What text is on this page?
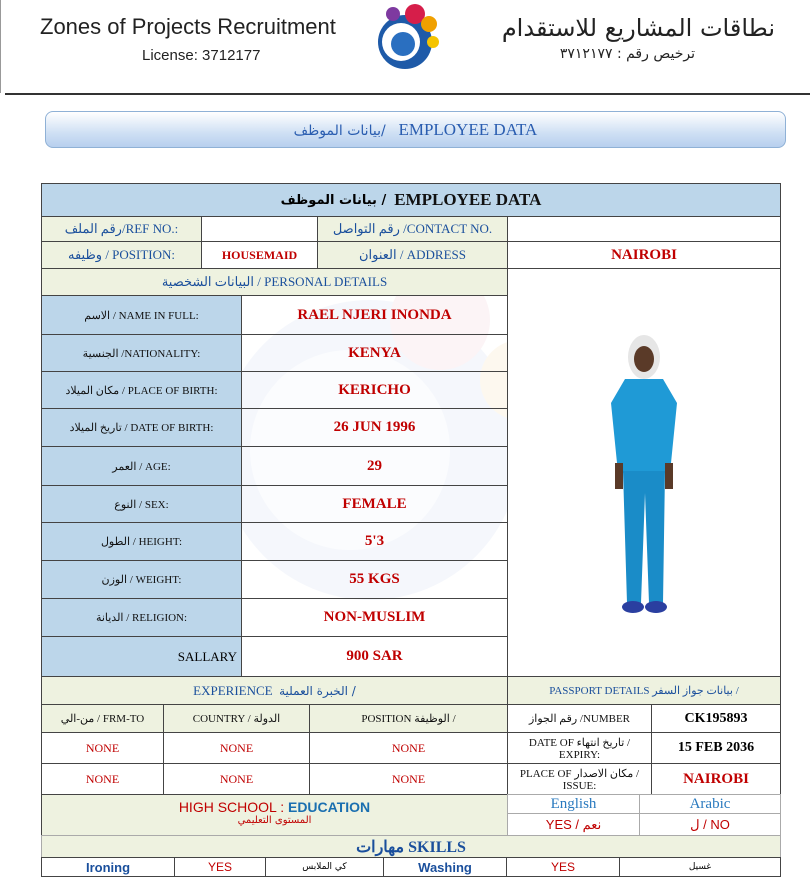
Zones of Projects Recruitment
License: 3712177
نطاقات المشاريع للاستقدام
ترخيص رقم : ٣٧١٢١٧٧
بيانات الموظف/ EMPLOYEE DATA
بيانات الموظف /
EMPLOYEE DATA
رقم الملف/REF NO.:	رقم التواصل /CONTACT NO.
وظيفه / POSITION:	HOUSEMAID	العنوان / ADDRESS	NAIROBI
البيانات الشخصية / PERSONAL DETAILS
الاسم / NAME IN FULL:	RAEL NJERI INONDA
الجنسية /NATIONALITY:	KENYA
مكان الميلاد / PLACE OF BIRTH:	KERICHO
تاريخ الميلاد / DATE OF BIRTH:	26 JUN 1996
العمر / AGE:	29
النوع / SEX:	FEMALE
الطول / HEIGHT:	5'3
الوزن / WEIGHT:	55 KGS
الديانة / RELIGION:	NON-MUSLIM
SALLARY	900 SAR
EXPERIENCE
الخبرة العملية /	PASSPORT DETAILS بيانات جواز السفر /
من-الي / FRM-TO	COUNTRY / الدولة	POSITION الوظيفة /
NONE	NONE	NONE
NONE	NONE	NONE
رقم الجواز /NUMBER	CK195893
DATE OF تاريخ انتهاء / EXPIRY:	15 FEB 2036
PLACE OF مكان الاصدار / ISSUE:	NAIROBI
HIGH SCHOOL : EDUCATION
المستوى التعليمي
English	Arabic
YES / نعم	ل / NO
مهارات SKILLS
Ironing	YES	كي الملابس	Washing	YES	غسيل
